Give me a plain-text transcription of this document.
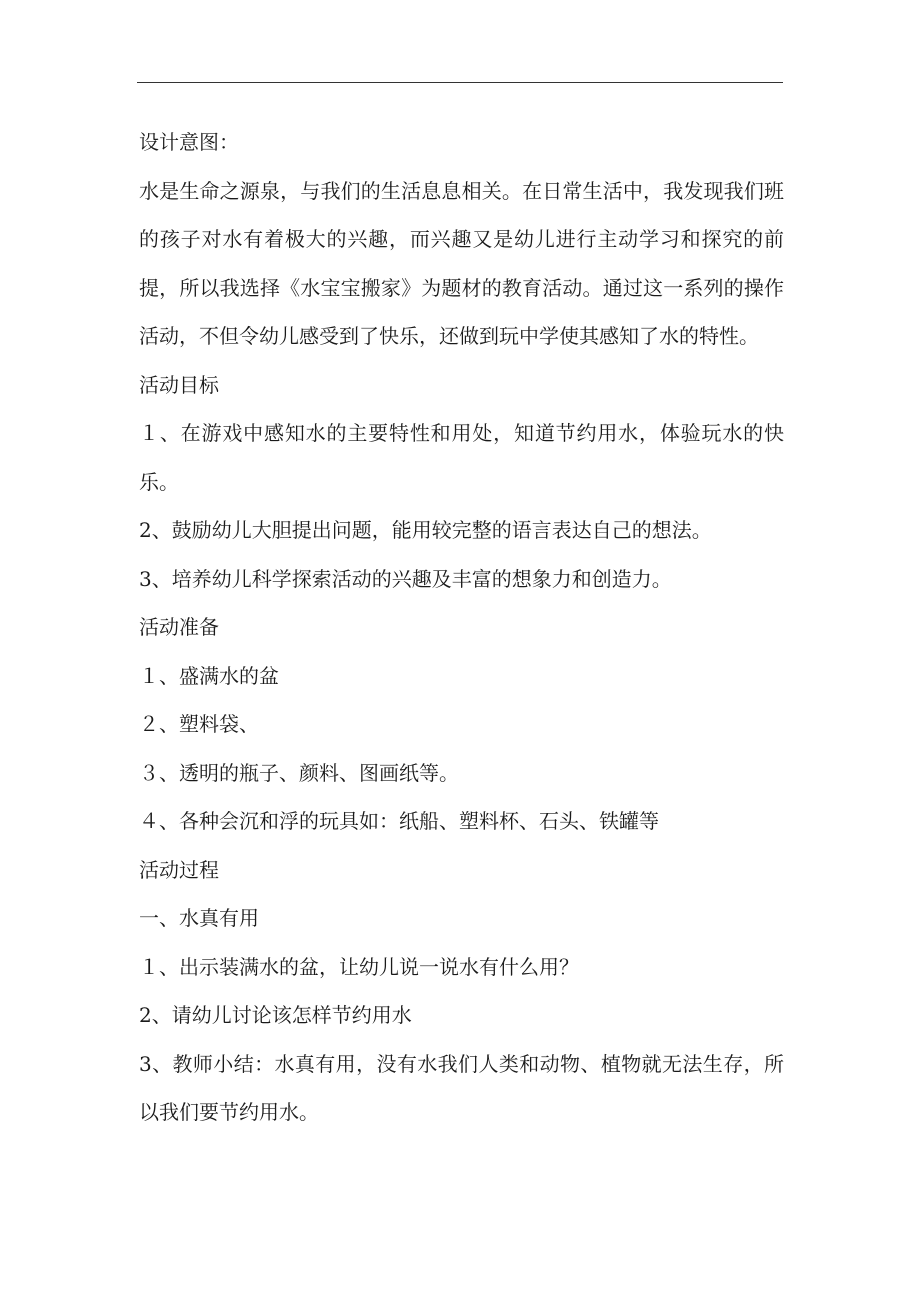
设计意图：

水是生命之源泉，与我们的生活息息相关。在日常生活中，我发现我们班的孩子对水有着极大的兴趣，而兴趣又是幼儿进行主动学习和探究的前提，所以我选择《水宝宝搬家》为题材的教育活动。通过这一系列的操作活动，不但令幼儿感受到了快乐，还做到玩中学使其感知了水的特性。

活动目标

１、在游戏中感知水的主要特性和用处，知道节约用水，体验玩水的快乐。

2、鼓励幼儿大胆提出问题，能用较完整的语言表达自己的想法。

3、培养幼儿科学探索活动的兴趣及丰富的想象力和创造力。

活动准备

１、盛满水的盆

２、塑料袋、

３、透明的瓶子、颜料、图画纸等。

４、各种会沉和浮的玩具如：纸船、塑料杯、石头、铁罐等

活动过程

一、水真有用

１、出示装满水的盆，让幼儿说一说水有什么用？

2、请幼儿讨论该怎样节约用水

3、教师小结：水真有用，没有水我们人类和动物、植物就无法生存，所以我们要节约用水。
